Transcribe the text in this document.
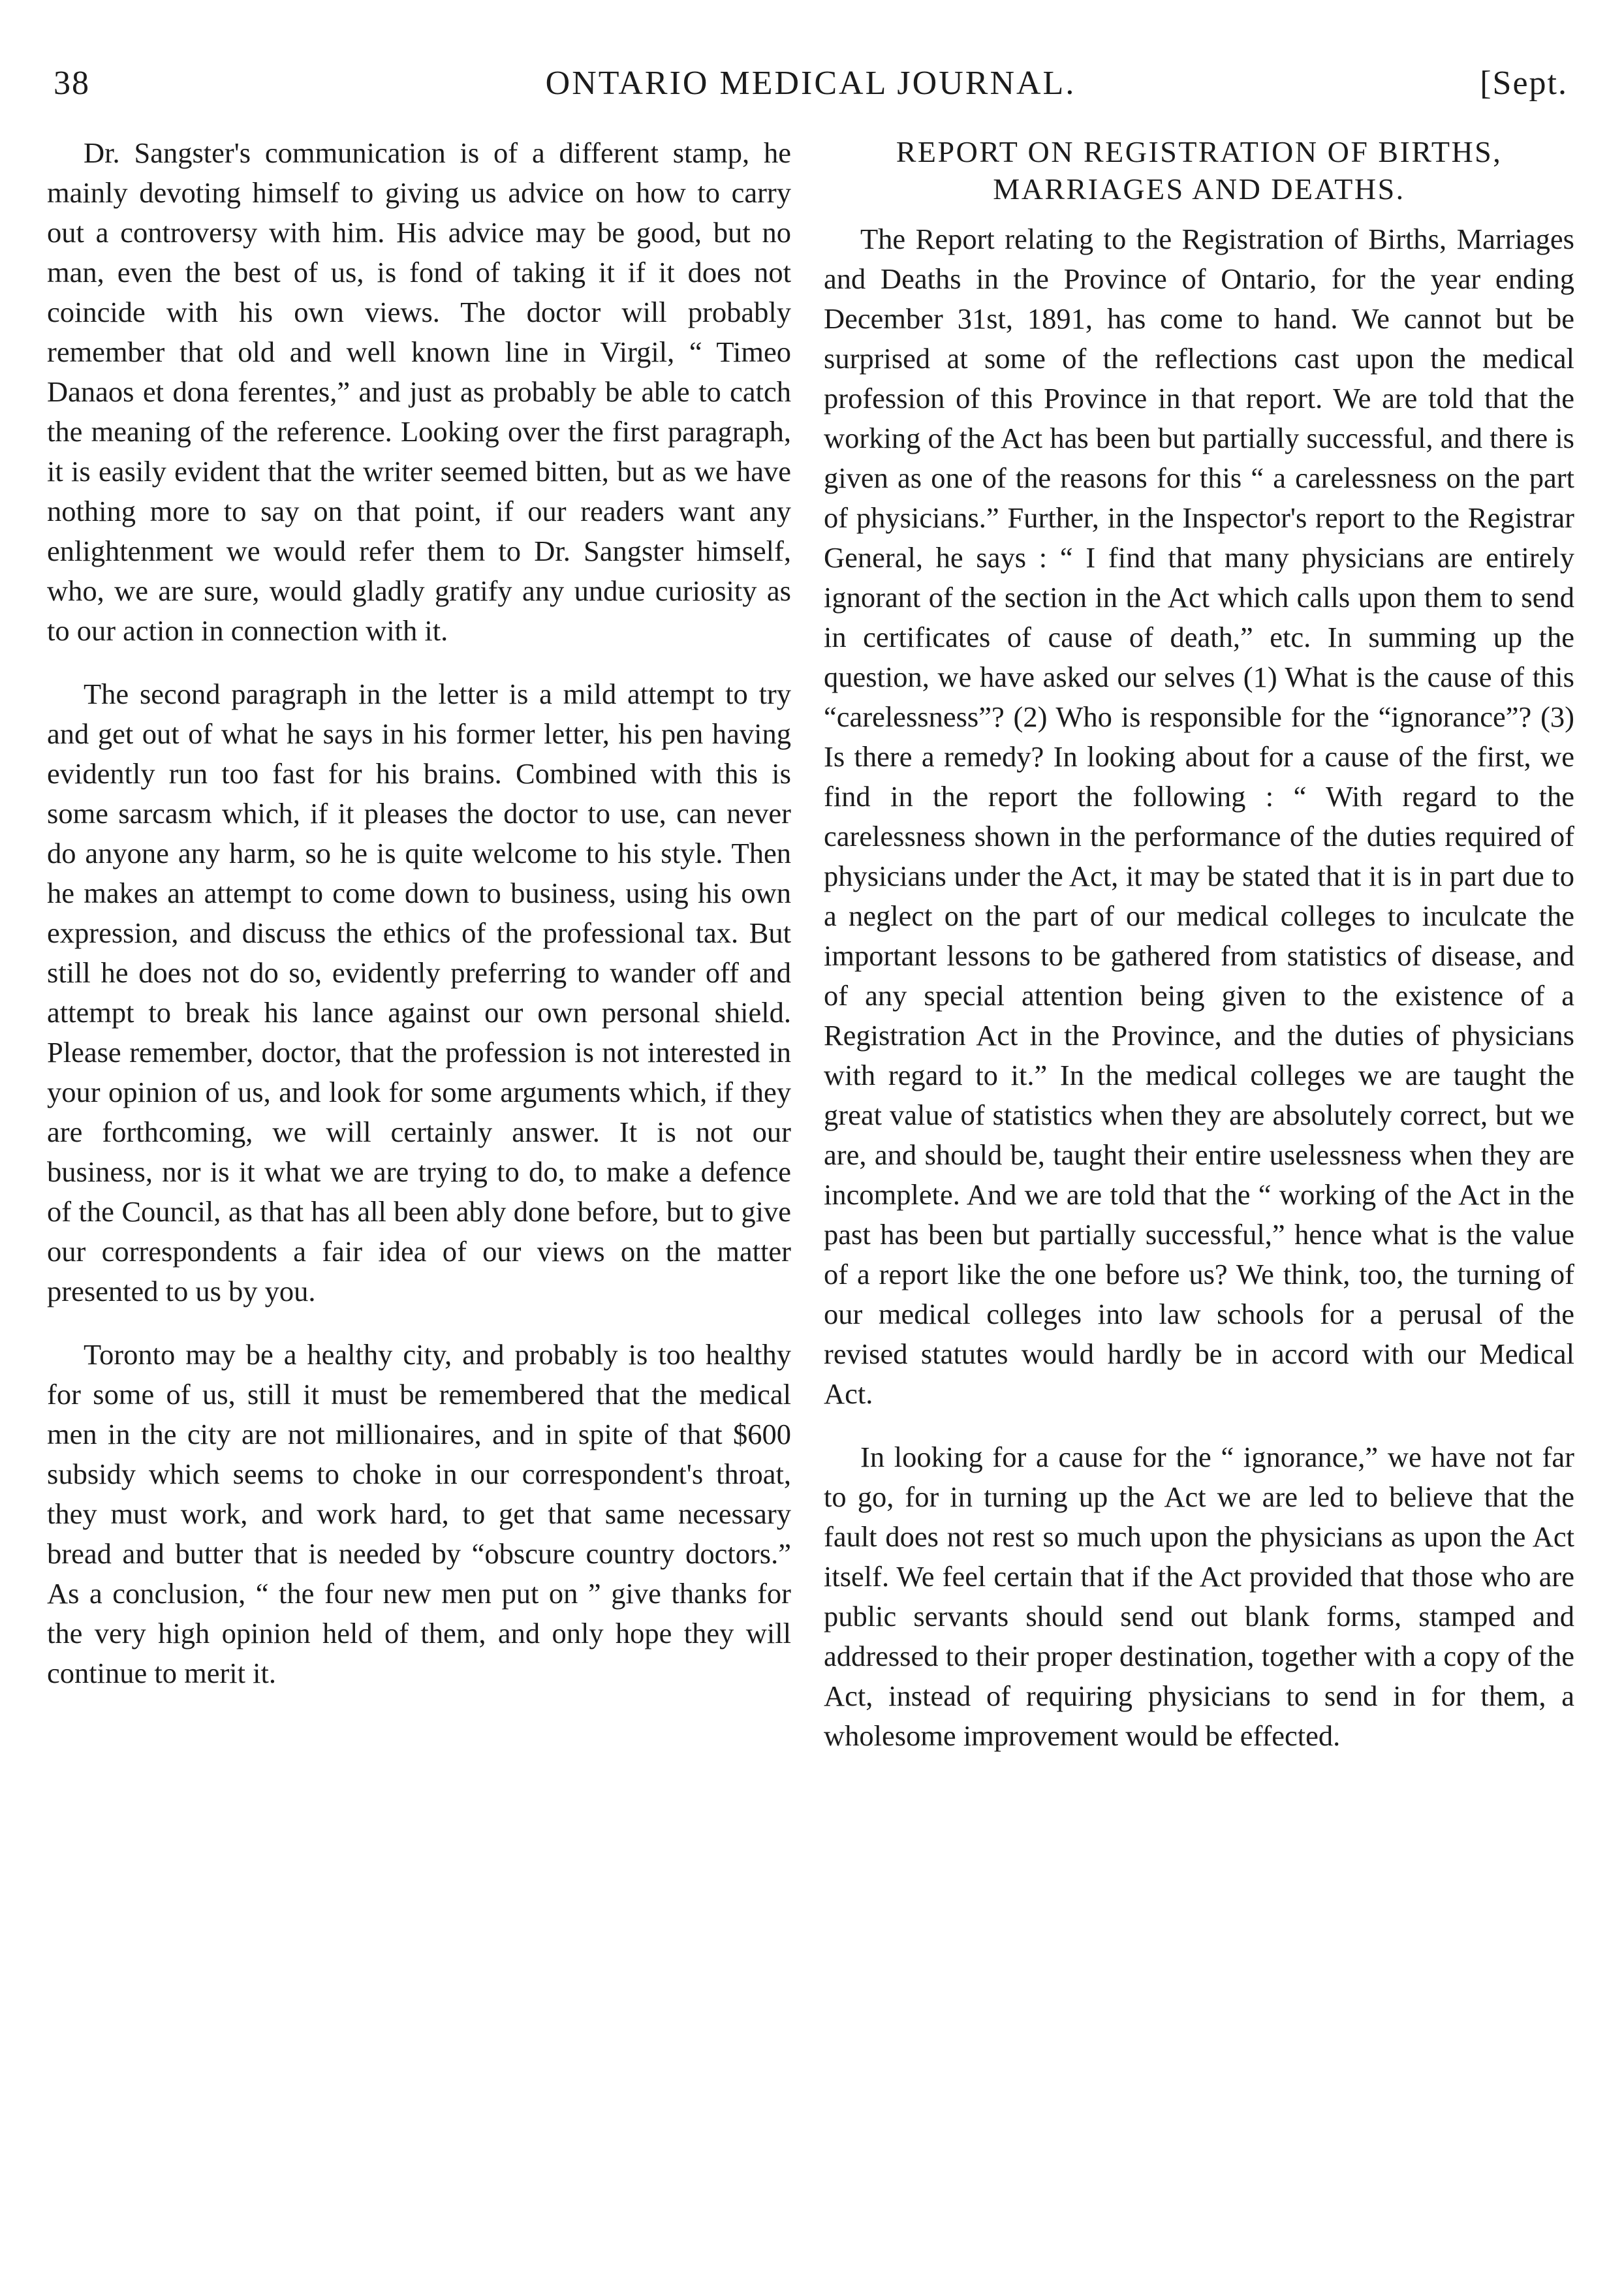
38	ONTARIO MEDICAL JOURNAL.	[Sept.

Dr. Sangster's communication is of a different stamp, he mainly devoting himself to giving us advice on how to carry out a controversy with him. His advice may be good, but no man, even the best of us, is fond of taking it if it does not coincide with his own views. The doctor will probably remember that old and well known line in Virgil, “ Timeo Danaos et dona ferentes,” and just as probably be able to catch the meaning of the reference. Looking over the first paragraph, it is easily evident that the writer seemed bitten, but as we have nothing more to say on that point, if our readers want any enlightenment we would refer them to Dr. Sangster himself, who, we are sure, would gladly gratify any undue curiosity as to our action in connection with it.

The second paragraph in the letter is a mild attempt to try and get out of what he says in his former letter, his pen having evidently run too fast for his brains. Combined with this is some sarcasm which, if it pleases the doctor to use, can never do anyone any harm, so he is quite welcome to his style. Then he makes an attempt to come down to business, using his own expression, and discuss the ethics of the professional tax. But still he does not do so, evidently preferring to wander off and attempt to break his lance against our own personal shield. Please remember, doctor, that the profession is not interested in your opinion of us, and look for some arguments which, if they are forthcoming, we will certainly answer. It is not our business, nor is it what we are trying to do, to make a defence of the Council, as that has all been ably done before, but to give our correspondents a fair idea of our views on the matter presented to us by you.

Toronto may be a healthy city, and probably is too healthy for some of us, still it must be remembered that the medical men in the city are not millionaires, and in spite of that $600 subsidy which seems to choke in our correspondent's throat, they must work, and work hard, to get that same necessary bread and butter that is needed by “obscure country doctors.” As a conclusion, “ the four new men put on ” give thanks for the very high opinion held of them, and only hope they will continue to merit it.

REPORT ON REGISTRATION OF BIRTHS, MARRIAGES AND DEATHS.

The Report relating to the Registration of Births, Marriages and Deaths in the Province of Ontario, for the year ending December 31st, 1891, has come to hand. We cannot but be surprised at some of the reflections cast upon the medical profession of this Province in that report. We are told that the working of the Act has been but partially successful, and there is given as one of the reasons for this “ a carelessness on the part of physicians.” Further, in the Inspector's report to the Registrar General, he says : “ I find that many physicians are entirely ignorant of the section in the Act which calls upon them to send in certificates of cause of death,” etc. In summing up the question, we have asked our selves (1) What is the cause of this “carelessness”? (2) Who is responsible for the “ignorance”? (3) Is there a remedy? In looking about for a cause of the first, we find in the report the following : “ With regard to the carelessness shown in the performance of the duties required of physicians under the Act, it may be stated that it is in part due to a neglect on the part of our medical colleges to inculcate the important lessons to be gathered from statistics of disease, and of any special attention being given to the existence of a Registration Act in the Province, and the duties of physicians with regard to it.” In the medical colleges we are taught the great value of statistics when they are absolutely correct, but we are, and should be, taught their entire uselessness when they are incomplete. And we are told that the “ working of the Act in the past has been but partially successful,” hence what is the value of a report like the one before us? We think, too, the turning of our medical colleges into law schools for a perusal of the revised statutes would hardly be in accord with our Medical Act.

In looking for a cause for the “ ignorance,” we have not far to go, for in turning up the Act we are led to believe that the fault does not rest so much upon the physicians as upon the Act itself. We feel certain that if the Act provided that those who are public servants should send out blank forms, stamped and addressed to their proper destination, together with a copy of the Act, instead of requiring physicians to send in for them, a wholesome improvement would be effected.
